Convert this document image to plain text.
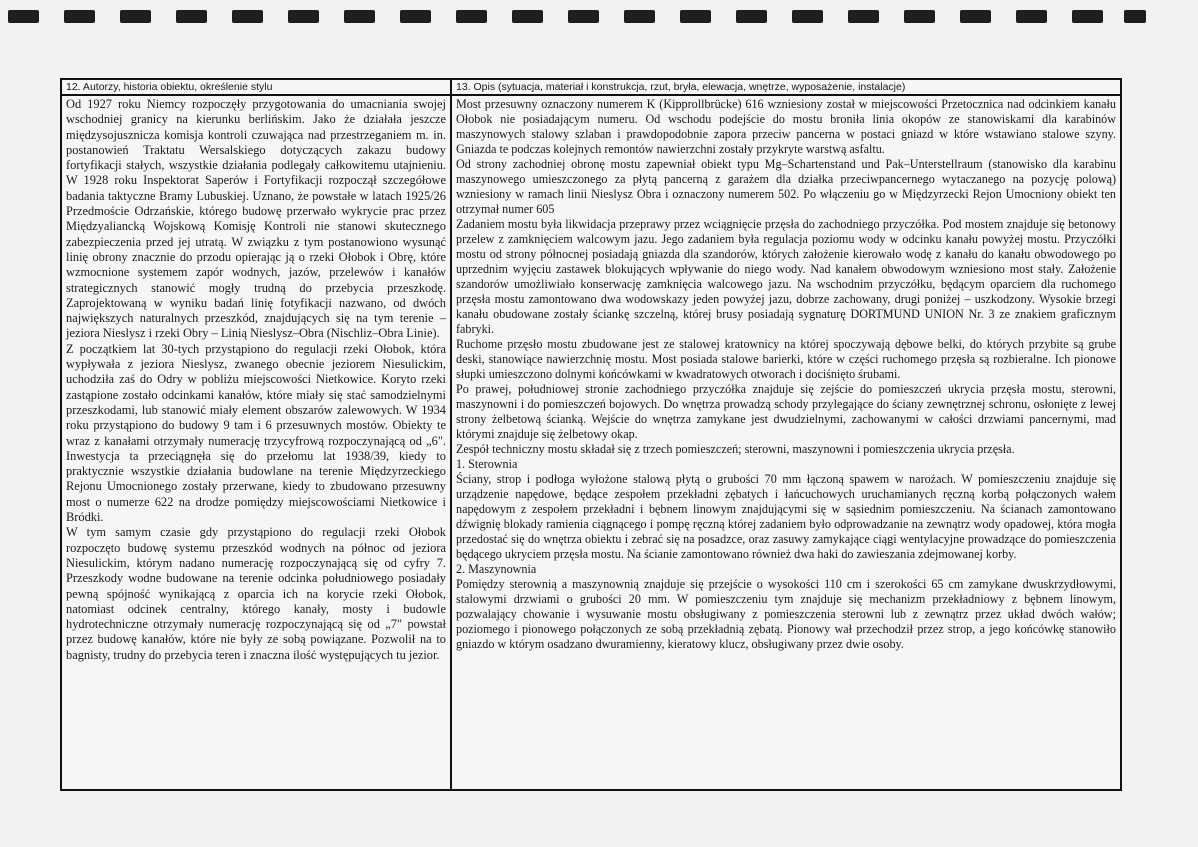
12. Autorzy, historia obiektu, określenie stylu

Od 1927 roku Niemcy rozpoczęły przygotowania do umacniania swojej wschodniej granicy na kierunku berlińskim. Jako że działała jeszcze międzysojusznicza komisja kontroli czuwająca nad przestrzeganiem m. in. postanowień Traktatu Wersalskiego dotyczących zakazu budowy fortyfikacji stałych, wszystkie działania podlegały całkowitemu utajnieniu. W 1928 roku Inspektorat Saperów i Fortyfikacji rozpoczął szczegółowe badania taktyczne Bramy Lubuskiej. Uznano, że powstałe w latach 1925/26 Przedmoście Odrzańskie, którego budowę przerwało wykrycie prac przez Międzyaliancką Wojskową Komisję Kontroli nie stanowi skutecznego zabezpieczenia przed jej utratą. W związku z tym postanowiono wysunąć linię obrony znacznie do przodu opierając ją o rzeki Ołobok i Obrę, które wzmocnione systemem zapór wodnych, jazów, przelewów i kanałów strategicznych stanowić mogły trudną do przebycia przeszkodę. Zaprojektowaną w wyniku badań linię fotyfikacji nazwano, od dwóch największych naturalnych przeszkód, znajdujących się na tym terenie – jeziora Nieslysz i rzeki Obry – Linią Nieslysz–Obra (Nischliz–Obra Linie).

Z początkiem lat 30-tych przystąpiono do regulacji rzeki Ołobok, która wypływała z jeziora Nieslysz, zwanego obecnie jeziorem Niesulickim, uchodziła zaś do Odry w pobliżu miejscowości Nietkowice. Koryto rzeki zastąpione zostało odcinkami kanałów, które miały się stać samodzielnymi przeszkodami, lub stanowić miały element obszarów zalewowych. W 1934 roku przystąpiono do budowy 9 tam i 6 przesuwnych mostów. Obiekty te wraz z kanałami otrzymały numerację trzycyfrową rozpoczynającą od „6". Inwestycja ta przeciągnęła się do przełomu lat 1938/39, kiedy to praktycznie wszystkie działania budowlane na terenie Międzyrzeckiego Rejonu Umocnionego zostały przerwane, kiedy to zbudowano przesuwny most o numerze 622 na drodze pomiędzy miejscowościami Nietkowice i Bródki.

W tym samym czasie gdy przystąpiono do regulacji rzeki Ołobok rozpoczęto budowę systemu przeszkód wodnych na północ od jeziora Niesulickim, którym nadano numerację rozpoczynającą się od cyfry 7. Przeszkody wodne budowane na terenie odcinka południowego posiadały pewną spójność wynikającą z oparcia ich na korycie rzeki Ołobok, natomiast odcinek centralny, którego kanały, mosty i budowle hydrotechniczne otrzymały numerację rozpoczynającą się od „7" powstał przez budowę kanałów, które nie były ze sobą powiązane. Pozwolił na to bagnisty, trudny do przebycia teren i znaczna ilość występujących tu jezior.

13. Opis (sytuacja, materiał i konstrukcja, rzut, bryła, elewacja, wnętrze, wyposażenie, instalacje)

Most przesuwny oznaczony numerem K (Kipprollbrücke) 616 wzniesiony został w miejscowości Przetocznica nad odcinkiem kanału Ołobok nie posiadającym numeru. Od wschodu podejście do mostu broniła linia okopów ze stanowiskami dla karabinów maszynowych stalowy szlaban i prawdopodobnie zapora przeciw pancerna w postaci gniazd w które wstawiano stalowe szyny. Gniazda te podczas kolejnych remontów nawierzchni zostały przykryte warstwą asfaltu.

Od strony zachodniej obronę mostu zapewniał obiekt typu Mg–Schartenstand und Pak–Unterstellraum (stanowisko dla karabinu maszynowego umieszczonego za płytą pancerną z garażem dla działka przeciwpancernego wytaczanego na pozycję polową) wzniesiony w ramach linii Nieslysz Obra i oznaczony numerem 502. Po włączeniu go w Międzyrzecki Rejon Umocniony obiekt ten otrzymał numer 605

Zadaniem mostu była likwidacja przeprawy przez wciągnięcie przęsła do zachodniego przyczółka. Pod mostem znajduje się betonowy przelew z zamknięciem walcowym jazu. Jego zadaniem była regulacja poziomu wody w odcinku kanału powyżej mostu. Przyczółki mostu od strony północnej posiadają gniazda dla szandorów, których założenie kierowało wodę z kanału do kanału obwodowego po uprzednim wyjęciu zastawek blokujących wpływanie do niego wody. Nad kanałem obwodowym wzniesiono most stały. Założenie szandorów umożliwiało konserwację zamknięcia walcowego jazu. Na wschodnim przyczółku, będącym oparciem dla ruchomego przęsła mostu zamontowano dwa wodowskazy jeden powyżej jazu, dobrze zachowany, drugi poniżej – uszkodzony. Wysokie brzegi kanału obudowane zostały ściankę szczelną, której brusy posiadają sygnaturę DORTMUND UNION Nr. 3 ze znakiem graficznym fabryki.

Ruchome przęsło mostu zbudowane jest ze stalowej kratownicy na której spoczywają dębowe belki, do których przybite są grube deski, stanowiące nawierzchnię mostu. Most posiada stalowe barierki, które w części ruchomego przęsła są rozbieralne. Ich pionowe słupki umieszczono dolnymi końcówkami w kwadratowych otworach i dociśnięto śrubami.

Po prawej, południowej stronie zachodniego przyczółka znajduje się zejście do pomieszczeń ukrycia przęsła mostu, sterowni, maszynowni i do pomieszczeń bojowych. Do wnętrza prowadzą schody przylegające do ściany zewnętrznej schronu, osłonięte z lewej strony żelbetową ścianką. Wejście do wnętrza zamykane jest dwudzielnymi, zachowanymi w całości drzwiami pancernymi, mad którymi znajduje się żelbetowy okap.

Zespół techniczny mostu składał się z trzech pomieszczeń; sterowni, maszynowni i pomieszczenia ukrycia przęsła.

1. Sterownia

Ściany, strop i podłoga wyłożone stalową płytą o grubości 70 mm łączoną spawem w narożach. W pomieszczeniu znajduje się urządzenie napędowe, będące zespołem przekładni zębatych i łańcuchowych uruchamianych ręczną korbą połączonych wałem napędowym z zespołem przekładni i bębnem linowym znajdującymi się w sąsiednim pomieszczeniu. Na ścianach zamontowano dźwignię blokady ramienia ciągnącego i pompę ręczną której zadaniem było odprowadzanie na zewnątrz wody opadowej, która mogła przedostać się do wnętrza obiektu i zebrać się na posadzce, oraz zasuwy zamykające ciągi wentylacyjne prowadzące do pomieszczenia będącego ukryciem przęsła mostu. Na ścianie zamontowano również dwa haki do zawieszania zdejmowanej korby.

2. Maszynownia

Pomiędzy sterownią a maszynownią znajduje się przejście o wysokości 110 cm i szerokości 65 cm zamykane dwuskrzydłowymi, stalowymi drzwiami o grubości 20 mm. W pomieszczeniu tym znajduje się mechanizm przekładniowy z bębnem linowym, pozwalający chowanie i wysuwanie mostu obsługiwany z pomieszczenia sterowni lub z zewnątrz przez układ dwóch wałów; poziomego i pionowego połączonych ze sobą przekładnią zębatą. Pionowy wał przechodził przez strop, a jego końcówkę stanowiło gniazdo w którym osadzano dwuramienny, kieratowy klucz, obsługiwany przez dwie osoby.
